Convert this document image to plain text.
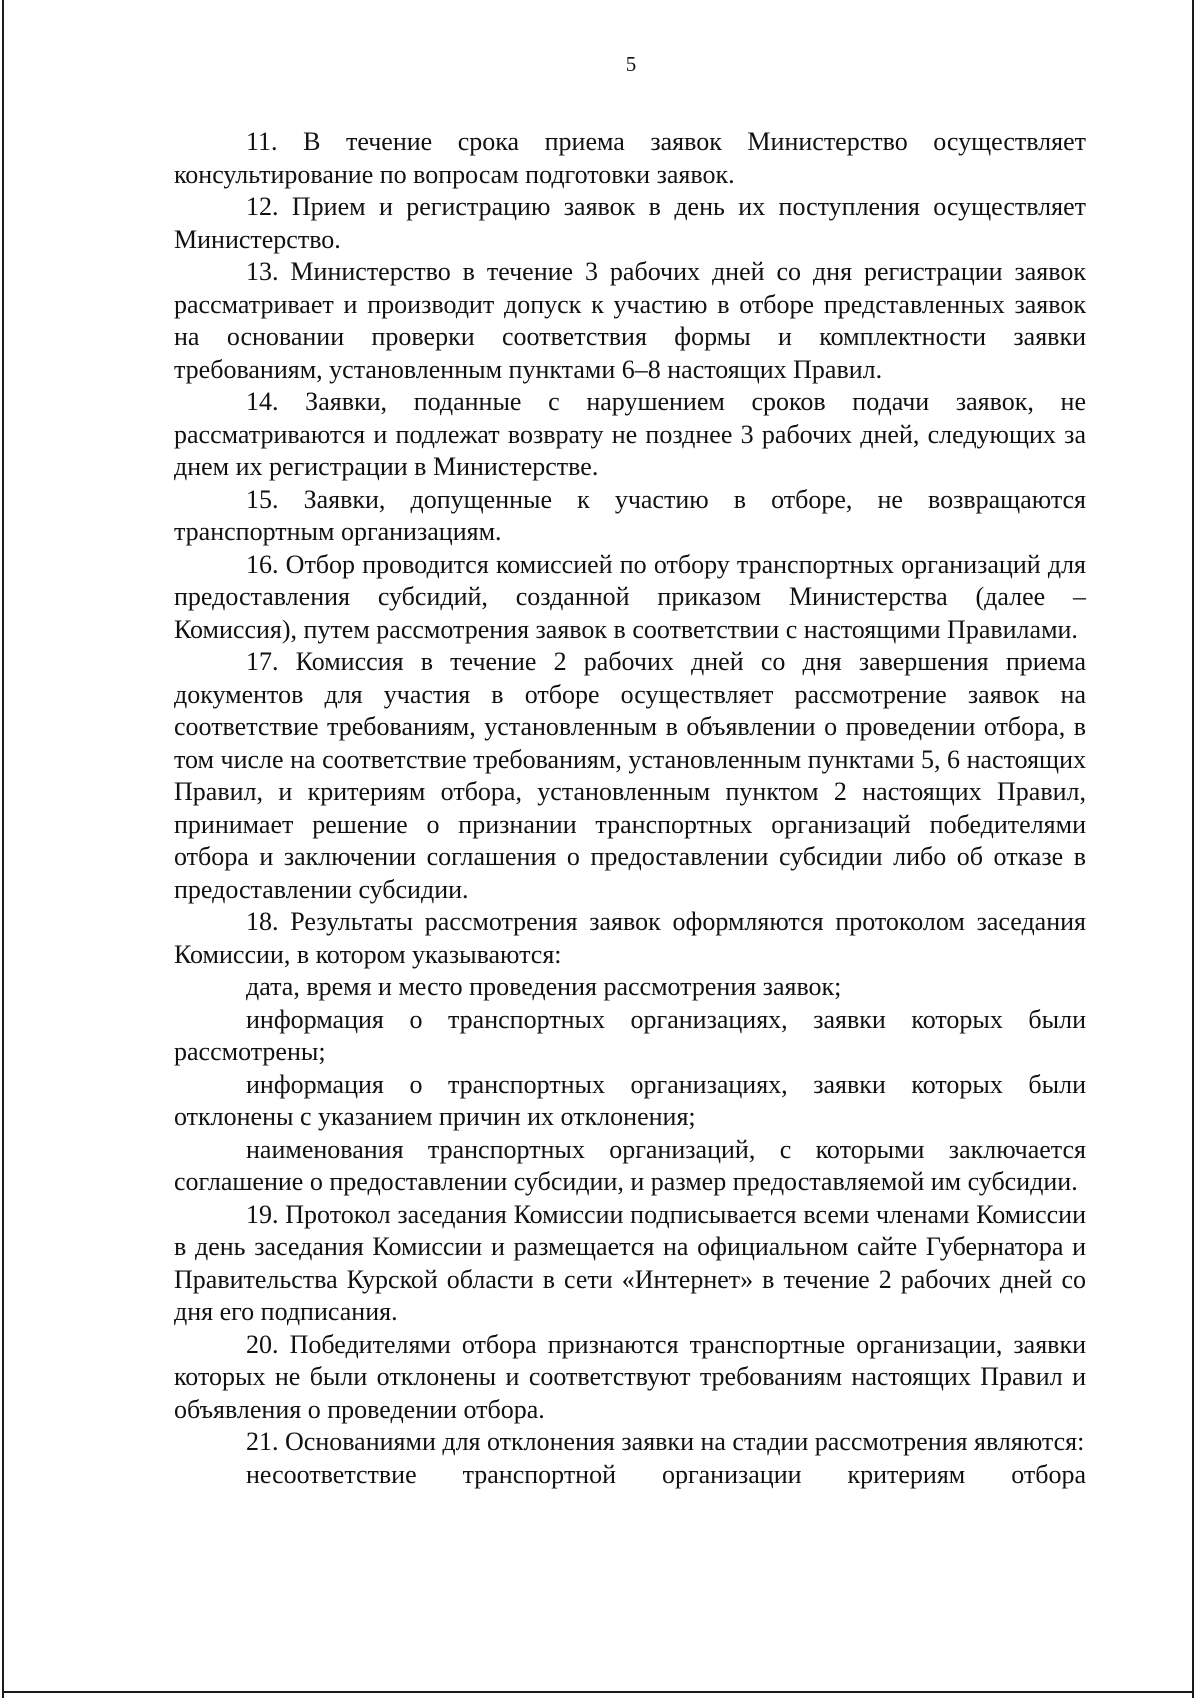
5

11. В течение срока приема заявок Министерство осуществляет консультирование по вопросам подготовки заявок.

12. Прием и регистрацию заявок в день их поступления осуществляет Министерство.

13. Министерство в течение 3 рабочих дней со дня регистрации заявок рассматривает и производит допуск к участию в отборе представленных заявок на основании проверки соответствия формы и комплектности заявки требованиям, установленным пунктами 6–8 настоящих Правил.

14. Заявки, поданные с нарушением сроков подачи заявок, не рассматриваются и подлежат возврату не позднее 3 рабочих дней, следующих за днем их регистрации в Министерстве.

15. Заявки, допущенные к участию в отборе, не возвращаются транспортным организациям.

16. Отбор проводится комиссией по отбору транспортных организаций для предоставления субсидий, созданной приказом Министерства (далее – Комиссия), путем рассмотрения заявок в соответствии с настоящими Правилами.

17. Комиссия в течение 2 рабочих дней со дня завершения приема документов для участия в отборе осуществляет рассмотрение заявок на соответствие требованиям, установленным в объявлении о проведении отбора, в том числе на соответствие требованиям, установленным пунктами 5, 6 настоящих Правил, и критериям отбора, установленным пунктом 2 настоящих Правил, принимает решение о признании транспортных организаций победителями отбора и заключении соглашения о предоставлении субсидии либо об отказе в предоставлении субсидии.

18. Результаты рассмотрения заявок оформляются протоколом заседания Комиссии, в котором указываются:

дата, время и место проведения рассмотрения заявок;

информация о транспортных организациях, заявки которых были рассмотрены;

информация о транспортных организациях, заявки которых были отклонены с указанием причин их отклонения;

наименования транспортных организаций, с которыми заключается соглашение о предоставлении субсидии, и размер предоставляемой им субсидии.

19. Протокол заседания Комиссии подписывается всеми членами Комиссии в день заседания Комиссии и размещается на официальном сайте Губернатора и Правительства Курской области в сети «Интернет» в течение 2 рабочих дней со дня его подписания.

20. Победителями отбора признаются транспортные организации, заявки которых не были отклонены и соответствуют требованиям настоящих Правил и объявления о проведении отбора.

21. Основаниями для отклонения заявки на стадии рассмотрения являются:

несоответствие транспортной организации критериям отбора
